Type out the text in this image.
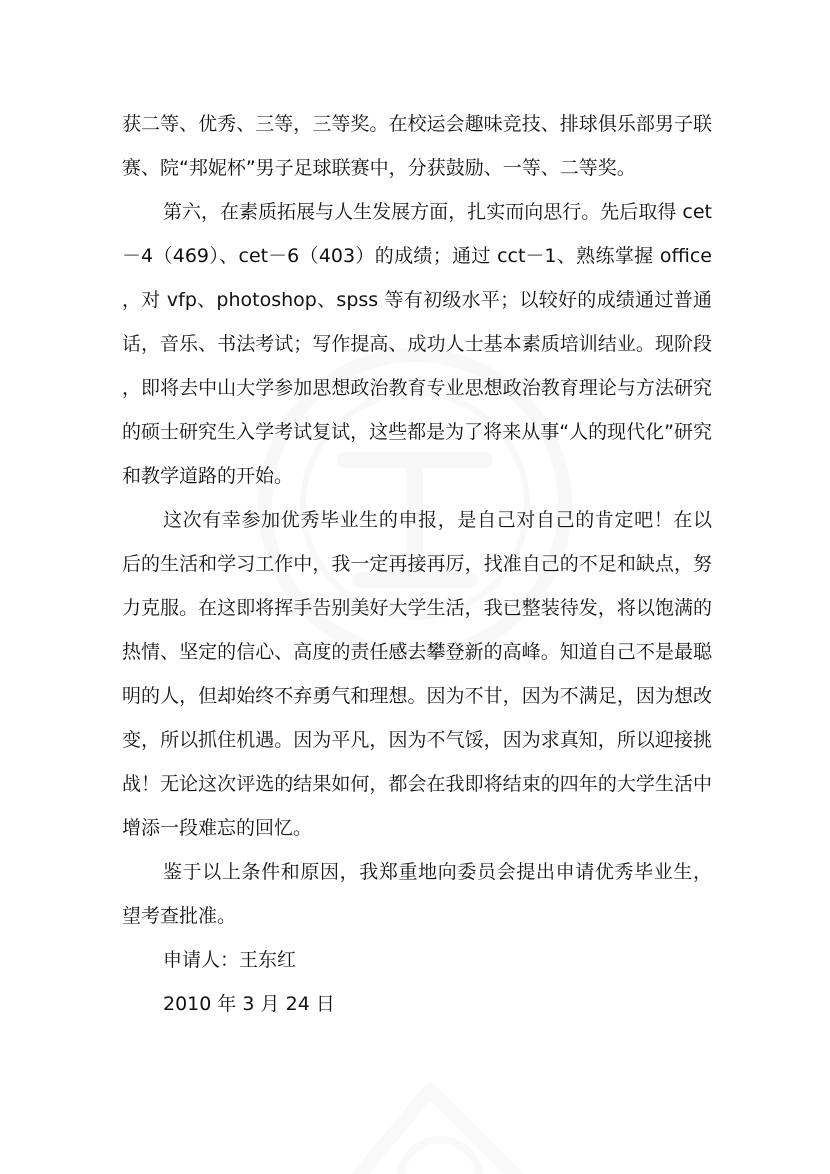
获二等、优秀、三等，三等奖。在校运会趣味竞技、排球俱乐部男子联赛、院“邦妮杯”男子足球联赛中，分获鼓励、一等、二等奖。

第六，在素质拓展与人生发展方面，扎实而向思行。先后取得 cet－4（469）、cet－6（403）的成绩；通过 cct－1、熟练掌握 office，对 vfp、photoshop、spss 等有初级水平；以较好的成绩通过普通话，音乐、书法考试；写作提高、成功人士基本素质培训结业。现阶段，即将去中山大学参加思想政治教育专业思想政治教育理论与方法研究的硕士研究生入学考试复试，这些都是为了将来从事“人的现代化”研究和教学道路的开始。

这次有幸参加优秀毕业生的申报，是自己对自己的肯定吧！在以后的生活和学习工作中，我一定再接再厉，找准自己的不足和缺点，努力克服。在这即将挥手告别美好大学生活，我已整装待发，将以饱满的热情、坚定的信心、高度的责任感去攀登新的高峰。知道自己不是最聪明的人，但却始终不弃勇气和理想。因为不甘，因为不满足，因为想改变，所以抓住机遇。因为平凡，因为不气馁，因为求真知，所以迎接挑战！无论这次评选的结果如何，都会在我即将结束的四年的大学生活中增添一段难忘的回忆。

鉴于以上条件和原因，我郑重地向委员会提出申请优秀毕业生，望考查批准。

申请人：王东红

2010 年 3 月 24 日
